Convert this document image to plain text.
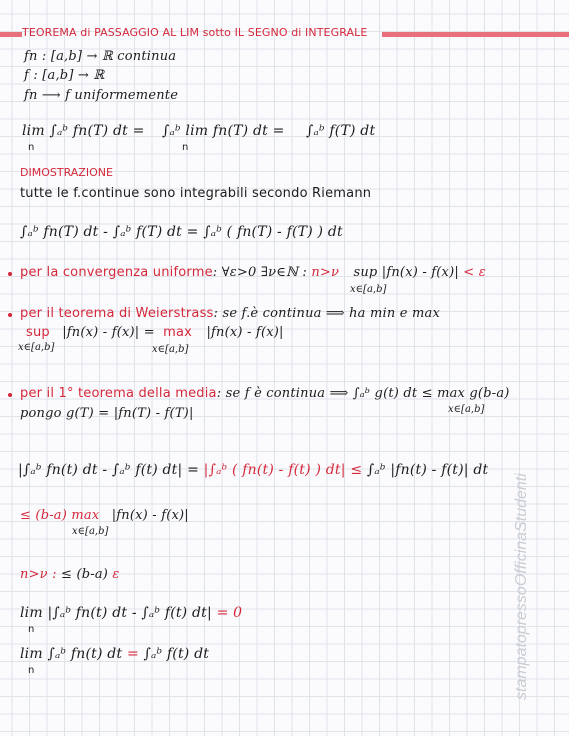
TEOREMA di PASSAGGIO AL LIM sotto IL SEGNO di INTEGRALE
fn : [a,b] → ℝ continua
f : [a,b] → ℝ
fn ⟶ f uniformemente
lim ∫ₐᵇ fn(T) dt = ∫ₐᵇ lim fn(T) dt = ∫ₐᵇ f(T) dt
n	n
DIMOSTRAZIONE
tutte le f.continue sono integrabili secondo Riemann
∫ₐᵇ fn(T) dt - ∫ₐᵇ f(T) dt = ∫ₐᵇ ( fn(T) - f(T) ) dt
per la convergenza uniforme: ∀ε>0 ∃ν∈ℕ : n>ν sup |fn(x) - f(x)| < ε
x∈[a,b]
per il teorema di Weierstrass: se f.è continua ⟹ ha min e max
sup |fn(x) - f(x)| = max |fn(x) - f(x)|
x∈[a,b]	x∈[a,b]
per il 1° teorema della media: se f è continua ⟹ ∫ₐᵇ g(t) dt ≤ max g(b-a)
x∈[a,b]
pongo g(T) = |fn(T) - f(T)|
|∫ₐᵇ fn(t) dt - ∫ₐᵇ f(t) dt| = |∫ₐᵇ ( fn(t) - f(t) ) dt| ≤ ∫ₐᵇ |fn(t) - f(t)| dt
≤ (b-a) max |fn(x) - f(x)|
x∈[a,b]
n>ν : ≤ (b-a) ε
lim |∫ₐᵇ fn(t) dt - ∫ₐᵇ f(t) dt| = 0
n
lim ∫ₐᵇ fn(t) dt = ∫ₐᵇ f(t) dt
n	stampatopressoOfficinaStudenti
